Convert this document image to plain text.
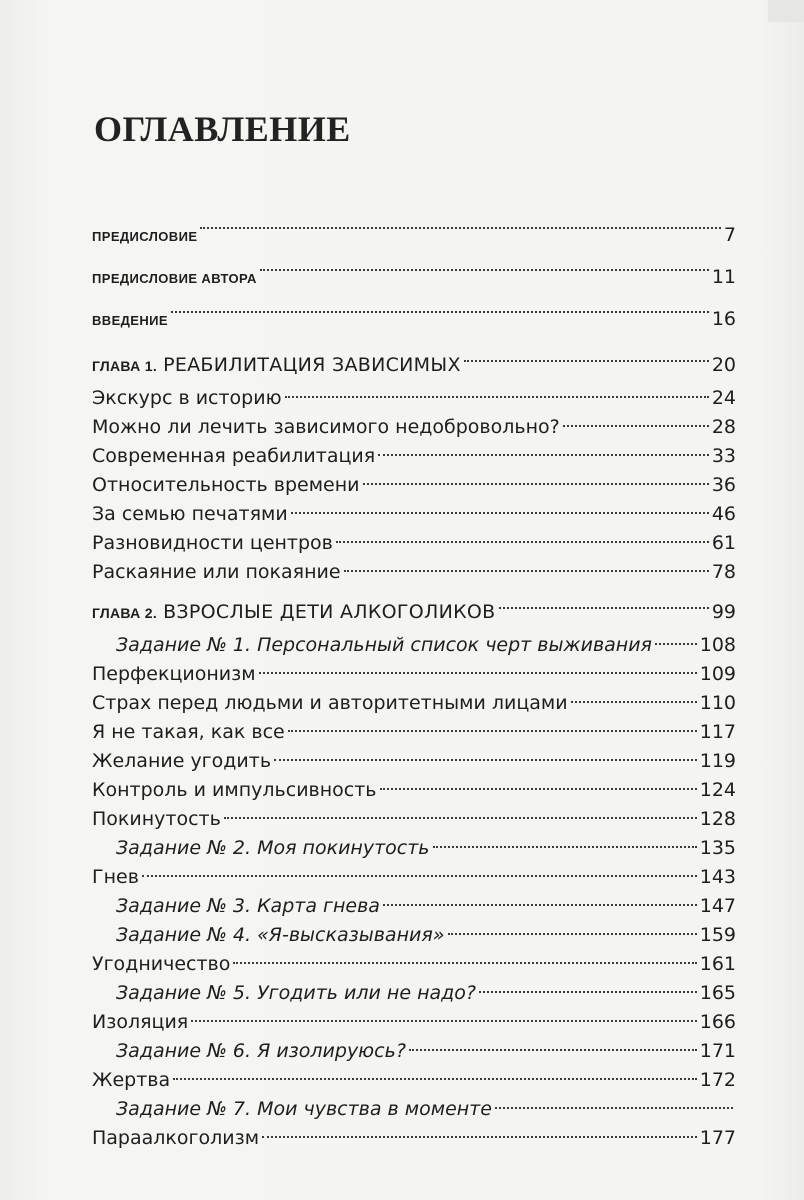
ОГЛАВЛЕНИЕ
ПРЕДИСЛОВИЕ	7
ПРЕДИСЛОВИЕ АВТОРА	11
ВВЕДЕНИЕ	16
ГЛАВА 1. РЕАБИЛИТАЦИЯ ЗАВИСИМЫХ	20
Экскурс в историю	24
Можно ли лечить зависимого недобровольно?	28
Современная реабилитация	33
Относительность времени	36
За семью печатями	46
Разновидности центров	61
Раскаяние или покаяние	78
ГЛАВА 2. ВЗРОСЛЫЕ ДЕТИ АЛКОГОЛИКОВ	99
Задание № 1. Персональный список черт выживания	108
Перфекционизм	109
Страх перед людьми и авторитетными лицами	110
Я не такая, как все	117
Желание угодить	119
Контроль и импульсивность	124
Покинутость	128
Задание № 2. Моя покинутость	135
Гнев	143
Задание № 3. Карта гнева	147
Задание № 4. «Я-высказывания»	159
Угодничество	161
Задание № 5. Угодить или не надо?	165
Изоляция	166
Задание № 6. Я изолируюсь?	171
Жертва	172
Задание № 7. Мои чувства в моменте
Парaалкоголизм	177
